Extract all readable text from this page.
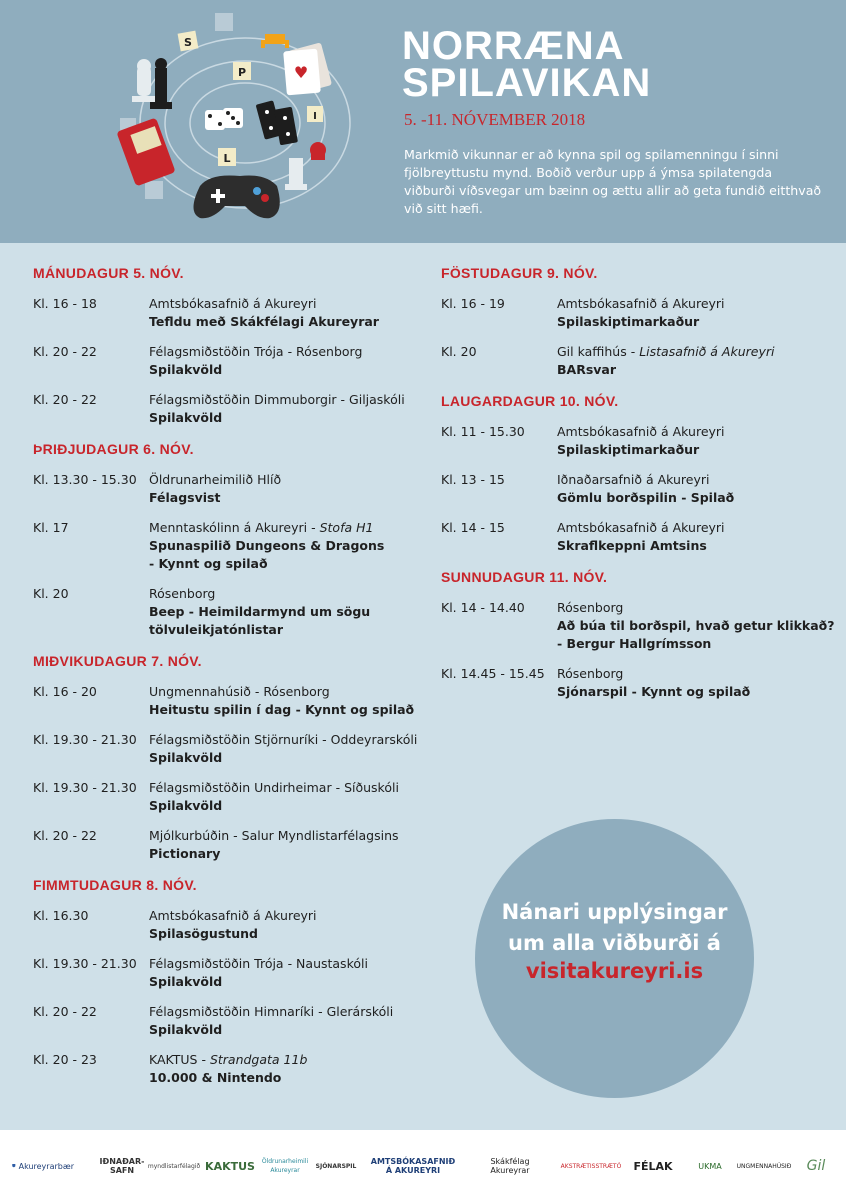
S
P
I
L
♥
NORRÆNA
SPILAVIKAN
5. -11. NÓVEMBER 2018

Markmið vikunnar er að kynna spil og spilamenningu í sinni fjölbreyttustu mynd. Boðið verður upp á ýmsa spilatengda viðburði víðsvegar um bæinn og ættu allir að geta fundið eitthvað við sitt hæfi.

MÁNUDAGUR 5. NÓV.
Kl. 16 - 18	Amtsbókasafnið á Akureyri
Tefldu með Skákfélagi Akureyrar
Kl. 20 - 22	Félagsmiðstöðin Trója - Rósenborg
Spilakvöld
Kl. 20 - 22	Félagsmiðstöðin Dimmuborgir - Giljaskóli
Spilakvöld
ÞRIÐJUDAGUR 6. NÓV.
Kl. 13.30 - 15.30 Öldrunarheimilið Hlíð
Félagsvist
Kl. 17	Menntaskólinn á Akureyri - Stofa H1
Spunaspilið Dungeons & Dragons
- Kynnt og spilað
Kl. 20	Rósenborg
Beep - Heimildarmynd um sögu
tölvuleikjatónlistar
MIÐVIKUDAGUR 7. NÓV.
Kl. 16 - 20	Ungmennahúsið - Rósenborg
Heitustu spilin í dag - Kynnt og spilað
Kl. 19.30 - 21.30 Félagsmiðstöðin Stjörnuríki - Oddeyrarskóli
Spilakvöld
Kl. 19.30 - 21.30 Félagsmiðstöðin Undirheimar - Síðuskóli
Spilakvöld
Kl. 20 - 22	Mjólkurbúðin - Salur Myndlistarfélagsins
Pictionary
FIMMTUDAGUR 8. NÓV.
Kl. 16.30	Amtsbókasafnið á Akureyri
Spilasögustund
Kl. 19.30 - 21.30 Félagsmiðstöðin Trója - Naustaskóli
Spilakvöld
Kl. 20 - 22	Félagsmiðstöðin Himnaríki - Glerárskóli
Spilakvöld
Kl. 20 - 23	KAKTUS - Strandgata 11b
10.000 & Nintendo
FÖSTUDAGUR 9. NÓV.
Kl. 16 - 19	Amtsbókasafnið á Akureyri
Spilaskiptimarkaður
Kl. 20	Gil kaffihús - Listasafnið á Akureyri
BARsvar
LAUGARDAGUR 10. NÓV.
Kl. 11 - 15.30	Amtsbókasafnið á Akureyri
Spilaskiptimarkaður
Kl. 13 - 15	Iðnaðarsafnið á Akureyri
Gömlu borðspilin - Spilað
Kl. 14 - 15	Amtsbókasafnið á Akureyri
Skraflkeppni Amtsins
SUNNUDAGUR 11. NÓV.
Kl. 14 - 14.40	Rósenborg
Að búa til borðspil, hvað getur klikkað?
- Bergur Hallgrímsson
Kl. 14.45 - 15.45 Rósenborg
Sjónarspil - Kynnt og spilað
Nánari upplýsingar
um alla viðburði á
visitakureyri.is
Akureyrarbær	IÐNAÐAR-SAFN	myndlistarfélagið KAKTUS Öldrunarheimili Akureyrar
SJÓNARSPIL	AMTSBÓKASAFNIÐ Á AKUREYRI
Skákfélag Akureyrar	AKSTRÆTISSTRÆTÓ	FÉLAK	UKMA	UNGMENNAHÚSIÐ	Gil
